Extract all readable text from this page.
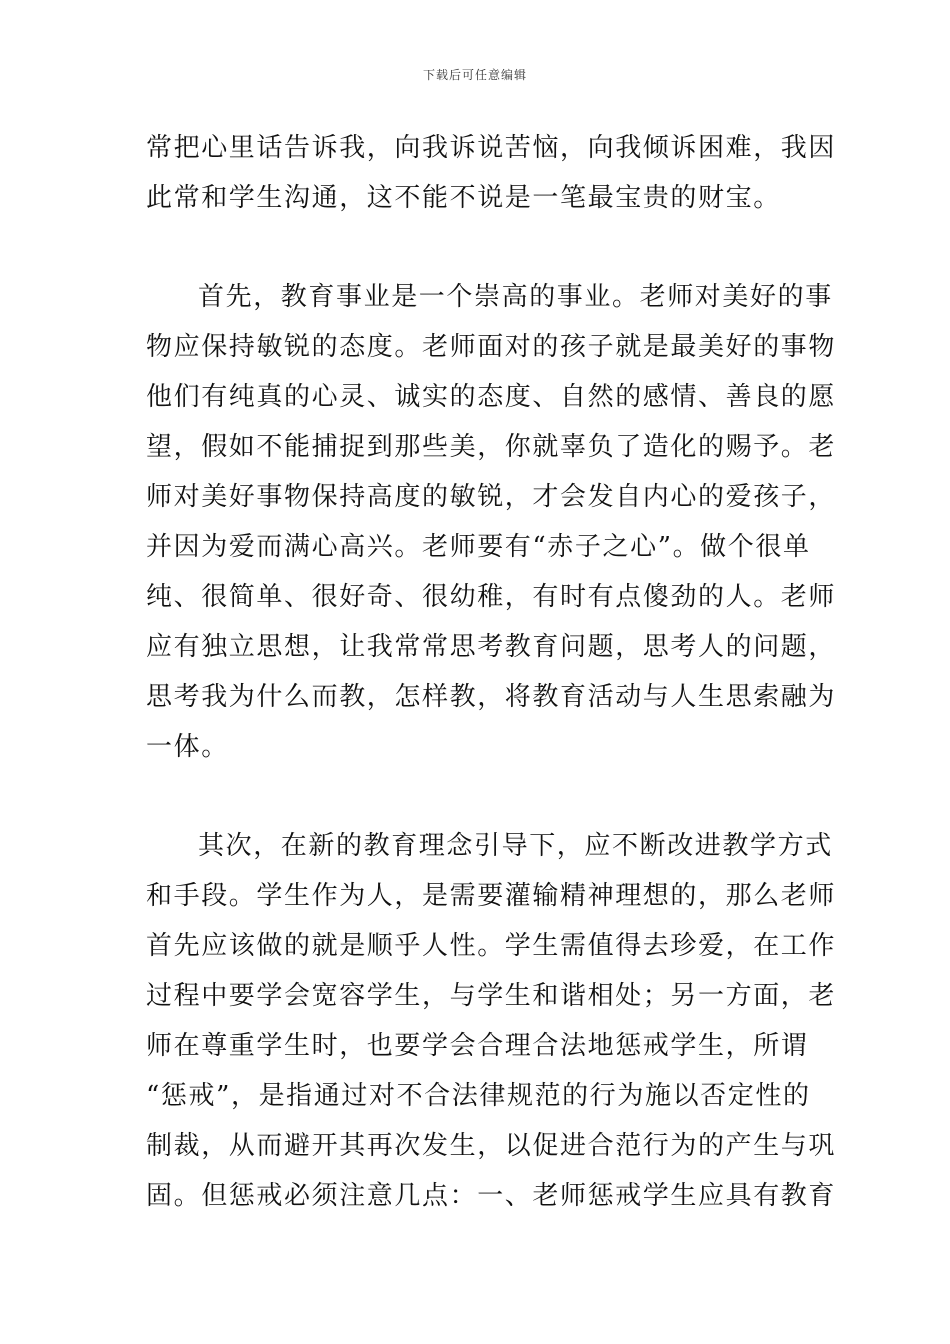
下载后可任意编辑
常把心里话告诉我，向我诉说苦恼，向我倾诉困难，我因
此常和学生沟通，这不能不说是一笔最宝贵的财宝。
首先，教育事业是一个崇高的事业。老师对美好的事
物应保持敏锐的态度。老师面对的孩子就是最美好的事物
他们有纯真的心灵、诚实的态度、自然的感情、善良的愿
望，假如不能捕捉到那些美，你就辜负了造化的赐予。老
师对美好事物保持高度的敏锐，才会发自内心的爱孩子，
并因为爱而满心高兴。老师要有“赤子之心”。做个很单
纯、很简单、很好奇、很幼稚，有时有点傻劲的人。老师
应有独立思想，让我常常思考教育问题，思考人的问题，
思考我为什么而教，怎样教，将教育活动与人生思索融为
一体。
其次，在新的教育理念引导下，应不断改进教学方式
和手段。学生作为人，是需要灌输精神理想的，那么老师
首先应该做的就是顺乎人性。学生需值得去珍爱，在工作
过程中要学会宽容学生，与学生和谐相处；另一方面，老
师在尊重学生时，也要学会合理合法地惩戒学生，所谓
“惩戒”，是指通过对不合法律规范的行为施以否定性的
制裁，从而避开其再次发生，以促进合范行为的产生与巩
固。但惩戒必须注意几点：一、老师惩戒学生应具有教育
